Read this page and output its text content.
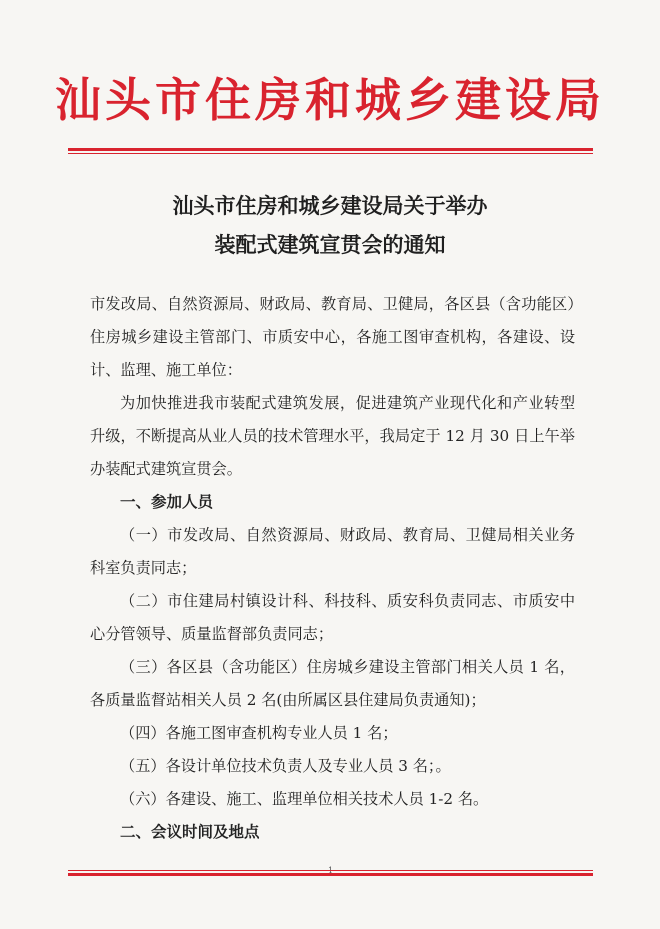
汕头市住房和城乡建设局
汕头市住房和城乡建设局关于举办
装配式建筑宣贯会的通知

市发改局、自然资源局、财政局、教育局、卫健局，各区县（含功能区）住房城乡建设主管部门、市质安中心，各施工图审查机构，各建设、设计、监理、施工单位：

为加快推进我市装配式建筑发展，促进建筑产业现代化和产业转型升级，不断提高从业人员的技术管理水平，我局定于 12 月 30 日上午举办装配式建筑宣贯会。

一、参加人员

（一）市发改局、自然资源局、财政局、教育局、卫健局相关业务科室负责同志；

（二）市住建局村镇设计科、科技科、质安科负责同志、市质安中心分管领导、质量监督部负责同志；

（三）各区县（含功能区）住房城乡建设主管部门相关人员 1 名，各质量监督站相关人员 2 名(由所属区县住建局负责通知)；

（四）各施工图审查机构专业人员 1 名；

（五）各设计单位技术负责人及专业人员 3 名；。

（六）各建设、施工、监理单位相关技术人员 1-2 名。

二、会议时间及地点
